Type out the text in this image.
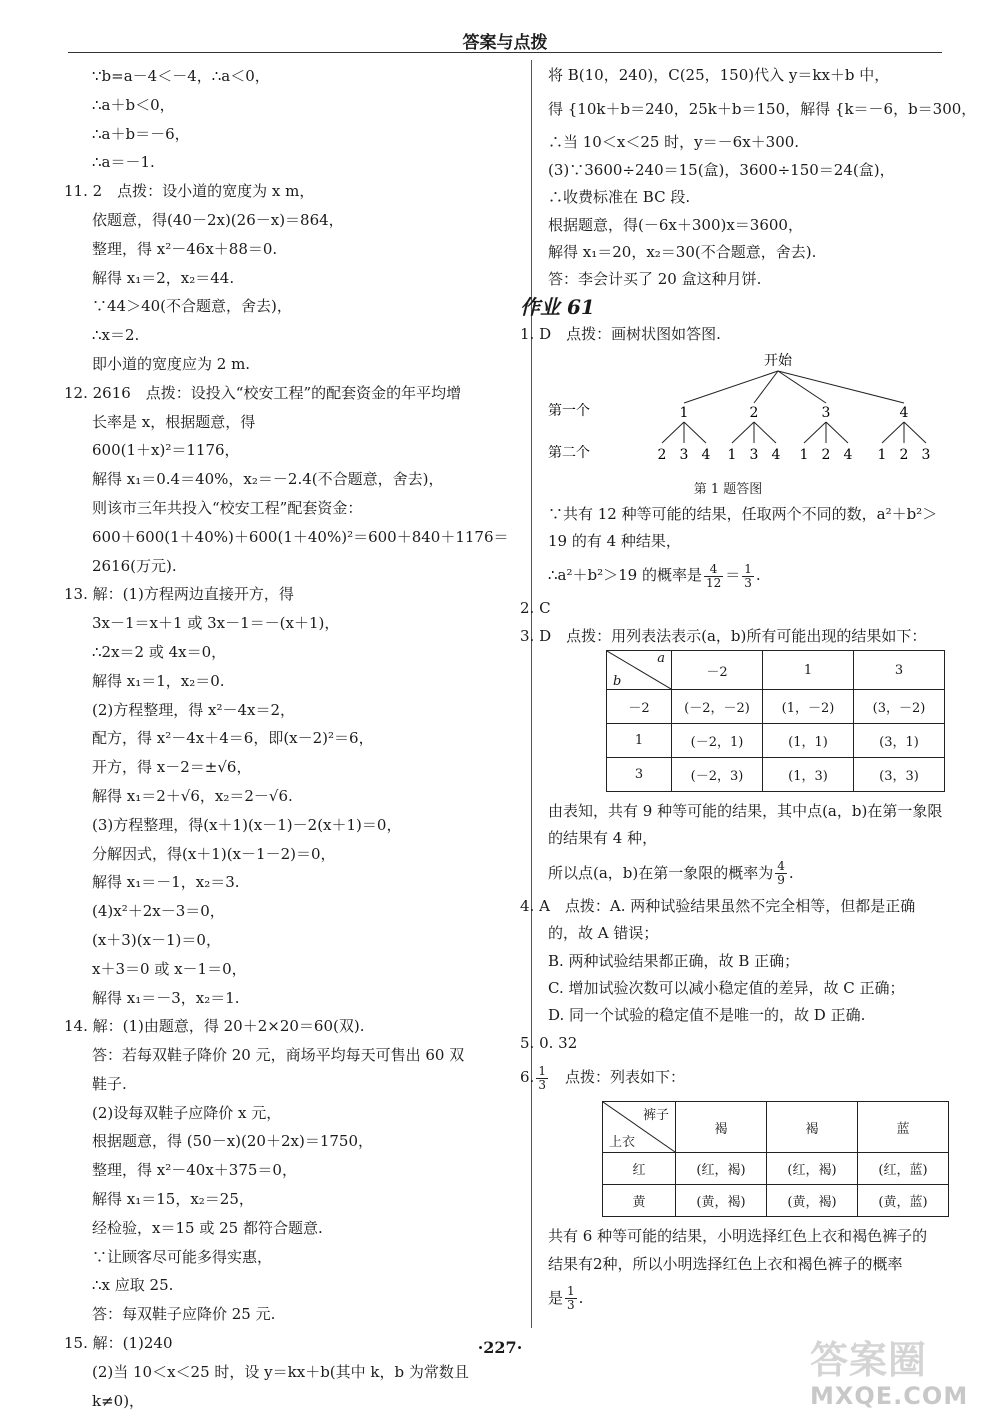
答案与点拨
∵b=a－4＜－4，∴a＜0，
∴a＋b＜0，
∴a＋b＝－6，
∴a＝－1.
11. 2　点拨：设小道的宽度为 x m，
依题意，得(40－2x)(26－x)＝864，
整理，得 x²－46x＋88＝0.
解得 x₁＝2，x₂＝44.
∵44＞40(不合题意，舍去)，
∴x＝2.
即小道的宽度应为 2 m.
12. 2616　点拨：设投入“校安工程”的配套资金的年平均增
长率是 x，根据题意，得
600(1＋x)²＝1176，
解得 x₁＝0.4＝40%，x₂＝－2.4(不合题意，舍去)，
则该市三年共投入“校安工程”配套资金：
600＋600(1＋40%)＋600(1＋40%)²＝600＋840＋1176＝
2616(万元).
13. 解：(1)方程两边直接开方，得
3x－1＝x＋1 或 3x－1＝－(x＋1)，
∴2x＝2 或 4x＝0，
解得 x₁＝1，x₂＝0.
(2)方程整理，得 x²－4x＝2，
配方，得 x²－4x＋4＝6，即(x－2)²＝6，
开方，得 x－2＝±√6，
解得 x₁＝2＋√6，x₂＝2－√6.
(3)方程整理，得(x＋1)(x－1)－2(x＋1)＝0，
分解因式，得(x＋1)(x－1－2)＝0，
解得 x₁＝－1，x₂＝3.
(4)x²＋2x－3＝0，
(x＋3)(x－1)＝0，
x＋3＝0 或 x－1＝0，
解得 x₁＝－3，x₂＝1.
14. 解：(1)由题意，得 20＋2×20＝60(双).
答：若每双鞋子降价 20 元，商场平均每天可售出 60 双
鞋子.
(2)设每双鞋子应降价 x 元，
根据题意，得 (50－x)(20＋2x)＝1750，
整理，得 x²－40x＋375＝0，
解得 x₁＝15，x₂＝25，
经检验，x＝15 或 25 都符合题意.
∵让顾客尽可能多得实惠，
∴x 应取 25.
答：每双鞋子应降价 25 元.
15. 解：(1)240
(2)当 10＜x＜25 时，设 y＝kx＋b(其中 k，b 为常数且
k≠0)，
将 B(10，240)，C(25，150)代入 y＝kx＋b 中，
得 {10k＋b＝240，25k＋b＝150，解得 {k＝－6，b＝300，
∴当 10＜x＜25 时，y＝－6x＋300.
(3)∵3600÷240＝15(盒)，3600÷150＝24(盒)，
∴收费标准在 BC 段.
根据题意，得(－6x＋300)x＝3600，
解得 x₁＝20，x₂＝30(不合题意，舍去).
答：李会计买了 20 盒这种月饼.
作业 61
1. D　点拨：画树状图如答图.
开始
第一个
第二个
1
2 3 4
2
1 3 4
3
1 2 4
4
1 2 3
第 1 题答图
∵共有 12 种等可能的结果，任取两个不同的数，a²＋b²＞
19 的有 4 种结果，
∴a²＋b²＞19 的概率是 $\frac{4}{12} = \frac{1}{3}$ .
2. C
3. D　点拨：用列表法表示(a，b)所有可能出现的结果如下：
a
b	－2	1	3
－2	(－2，－2)	(1，－2)	(3，－2)
1	(－2，1)	(1，1)	(3，1)
3	(－2，3)	(1，3)	(3，3)
由表知，共有 9 种等可能的结果，其中点(a，b)在第一象限
的结果有 4 种，
所以点(a，b)在第一象限的概率为 $\frac{4}{9}$ .
4. A　点拨：A. 两种试验结果虽然不完全相等，但都是正确
的，故 A 错误；
B. 两种试验结果都正确，故 B 正确；
C. 增加试验次数可以减小稳定值的差异，故 C 正确；
D. 同一个试验的稳定值不是唯一的，故 D 正确.
5. 0. 32
6. $\frac{1}{3}$ 　点拨：列表如下：
裤子
上衣	褐	褐	蓝
红	(红，褐)	(红，褐)	(红，蓝)
黄	(黄，褐)	(黄，褐)	(黄，蓝)
共有 6 种等可能的结果，小明选择红色上衣和褐色裤子的
结果有2种，所以小明选择红色上衣和褐色裤子的概率
是 $\frac{1}{3}$ .
·227·	答案圈
MXQE.COM
